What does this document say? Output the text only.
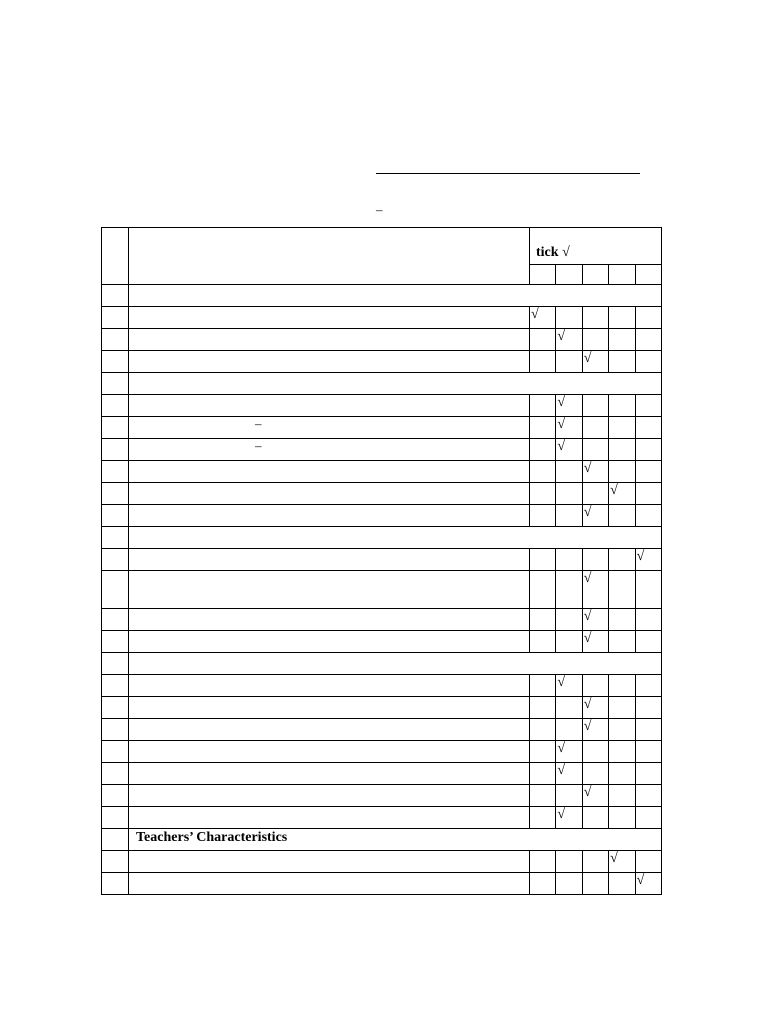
–

		tick √				

		√				

			√			

				√		

			√			

	–		√			

	–		√			

				√		

					√	

				√		

						√

				√		

				√		

				√		

			√			

				√		

				√		

			√			

			√			

				√		

			√			

	Teachers’ Characteristics					

					√	

						√
